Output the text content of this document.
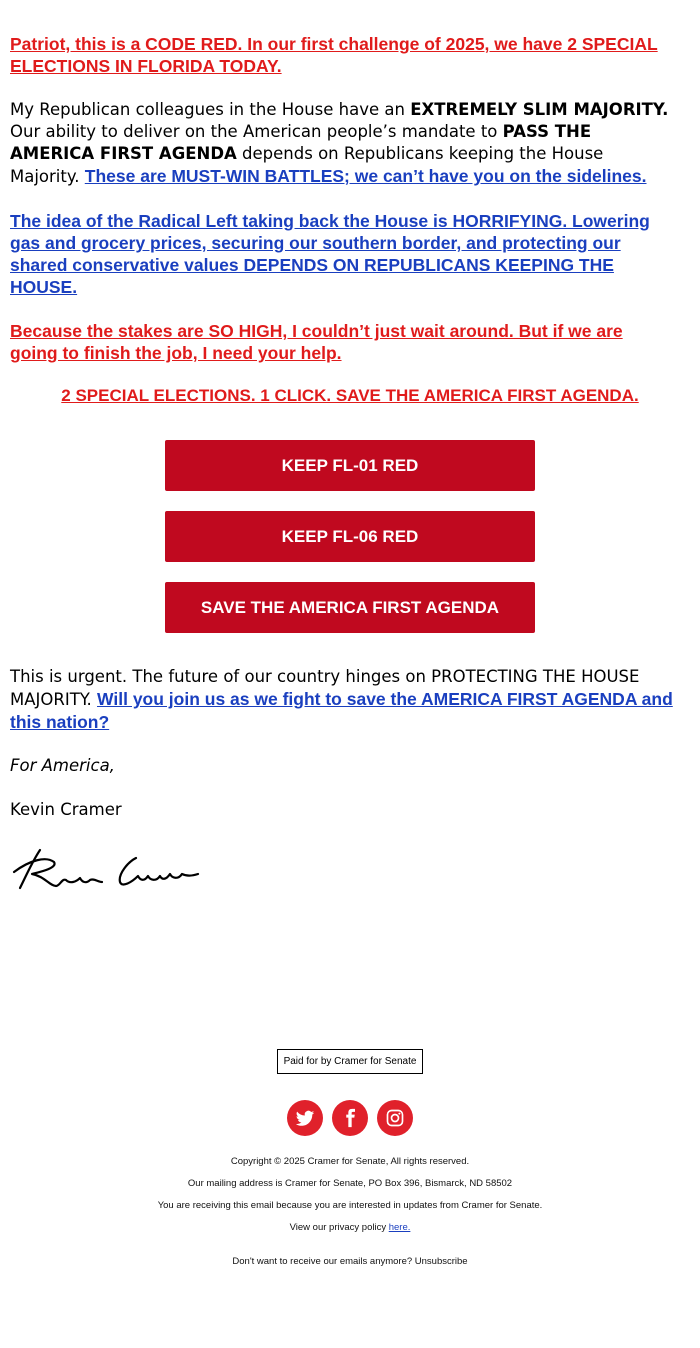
Patriot, this is a CODE RED. In our first challenge of 2025, we have 2 SPECIAL ELECTIONS IN FLORIDA TODAY.

My Republican colleagues in the House have an EXTREMELY SLIM MAJORITY. Our ability to deliver on the American people’s mandate to PASS THE AMERICA FIRST AGENDA depends on Republicans keeping the House Majority. These are MUST-WIN BATTLES; we can’t have you on the sidelines.

The idea of the Radical Left taking back the House is HORRIFYING. Lowering gas and grocery prices, securing our southern border, and protecting our shared conservative values DEPENDS ON REPUBLICANS KEEPING THE HOUSE.

Because the stakes are SO HIGH, I couldn’t just wait around. But if we are going to finish the job, I need your help.

2 SPECIAL ELECTIONS. 1 CLICK. SAVE THE AMERICA FIRST AGENDA.
KEEP FL-01 RED
KEEP FL-06 RED
SAVE THE AMERICA FIRST AGENDA

This is urgent. The future of our country hinges on PROTECTING THE HOUSE MAJORITY. Will you join us as we fight to save the AMERICA FIRST AGENDA and this nation?

For America,

Kevin Cramer

Paid for by Cramer for Senate
Copyright © 2025 Cramer for Senate, All rights reserved.
Our mailing address is Cramer for Senate, PO Box 396, Bismarck, ND 58502
You are receiving this email because you are interested in updates from Cramer for Senate.
View our privacy policy here.
Don't want to receive our emails anymore? Unsubscribe
